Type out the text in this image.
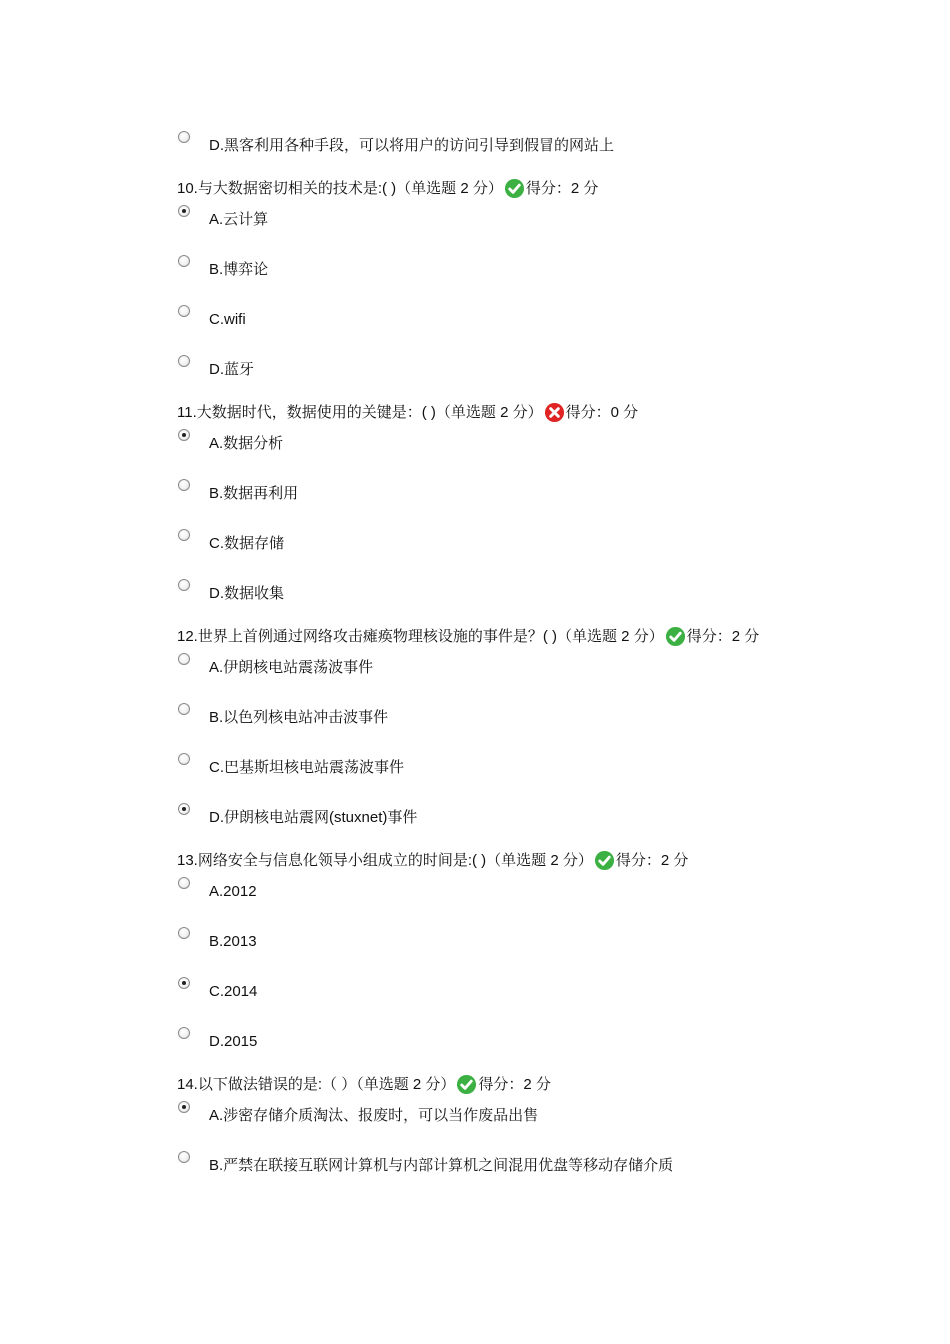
D.黑客利用各种手段，可以将用户的访问引导到假冒的网站上
10.与大数据密切相关的技术是:( )（单选题 2 分） 得分：2 分
A.云计算
B.博弈论
C.wifi
D.蓝牙
11.大数据时代，数据使用的关键是：( )（单选题 2 分） 得分：0 分
A.数据分析
B.数据再利用
C.数据存储
D.数据收集
12.世界上首例通过网络攻击瘫痪物理核设施的事件是？( )（单选题 2 分） 得分：2 分
A.伊朗核电站震荡波事件
B.以色列核电站冲击波事件
C.巴基斯坦核电站震荡波事件
D.伊朗核电站震网(stuxnet)事件
13.网络安全与信息化领导小组成立的时间是:( )（单选题 2 分） 得分：2 分
A.2012
B.2013
C.2014
D.2015
14.以下做法错误的是:（ ）（单选题 2 分） 得分：2 分
A.涉密存储介质淘汰、报废时，可以当作废品出售
B.严禁在联接互联网计算机与内部计算机之间混用优盘等移动存储介质
